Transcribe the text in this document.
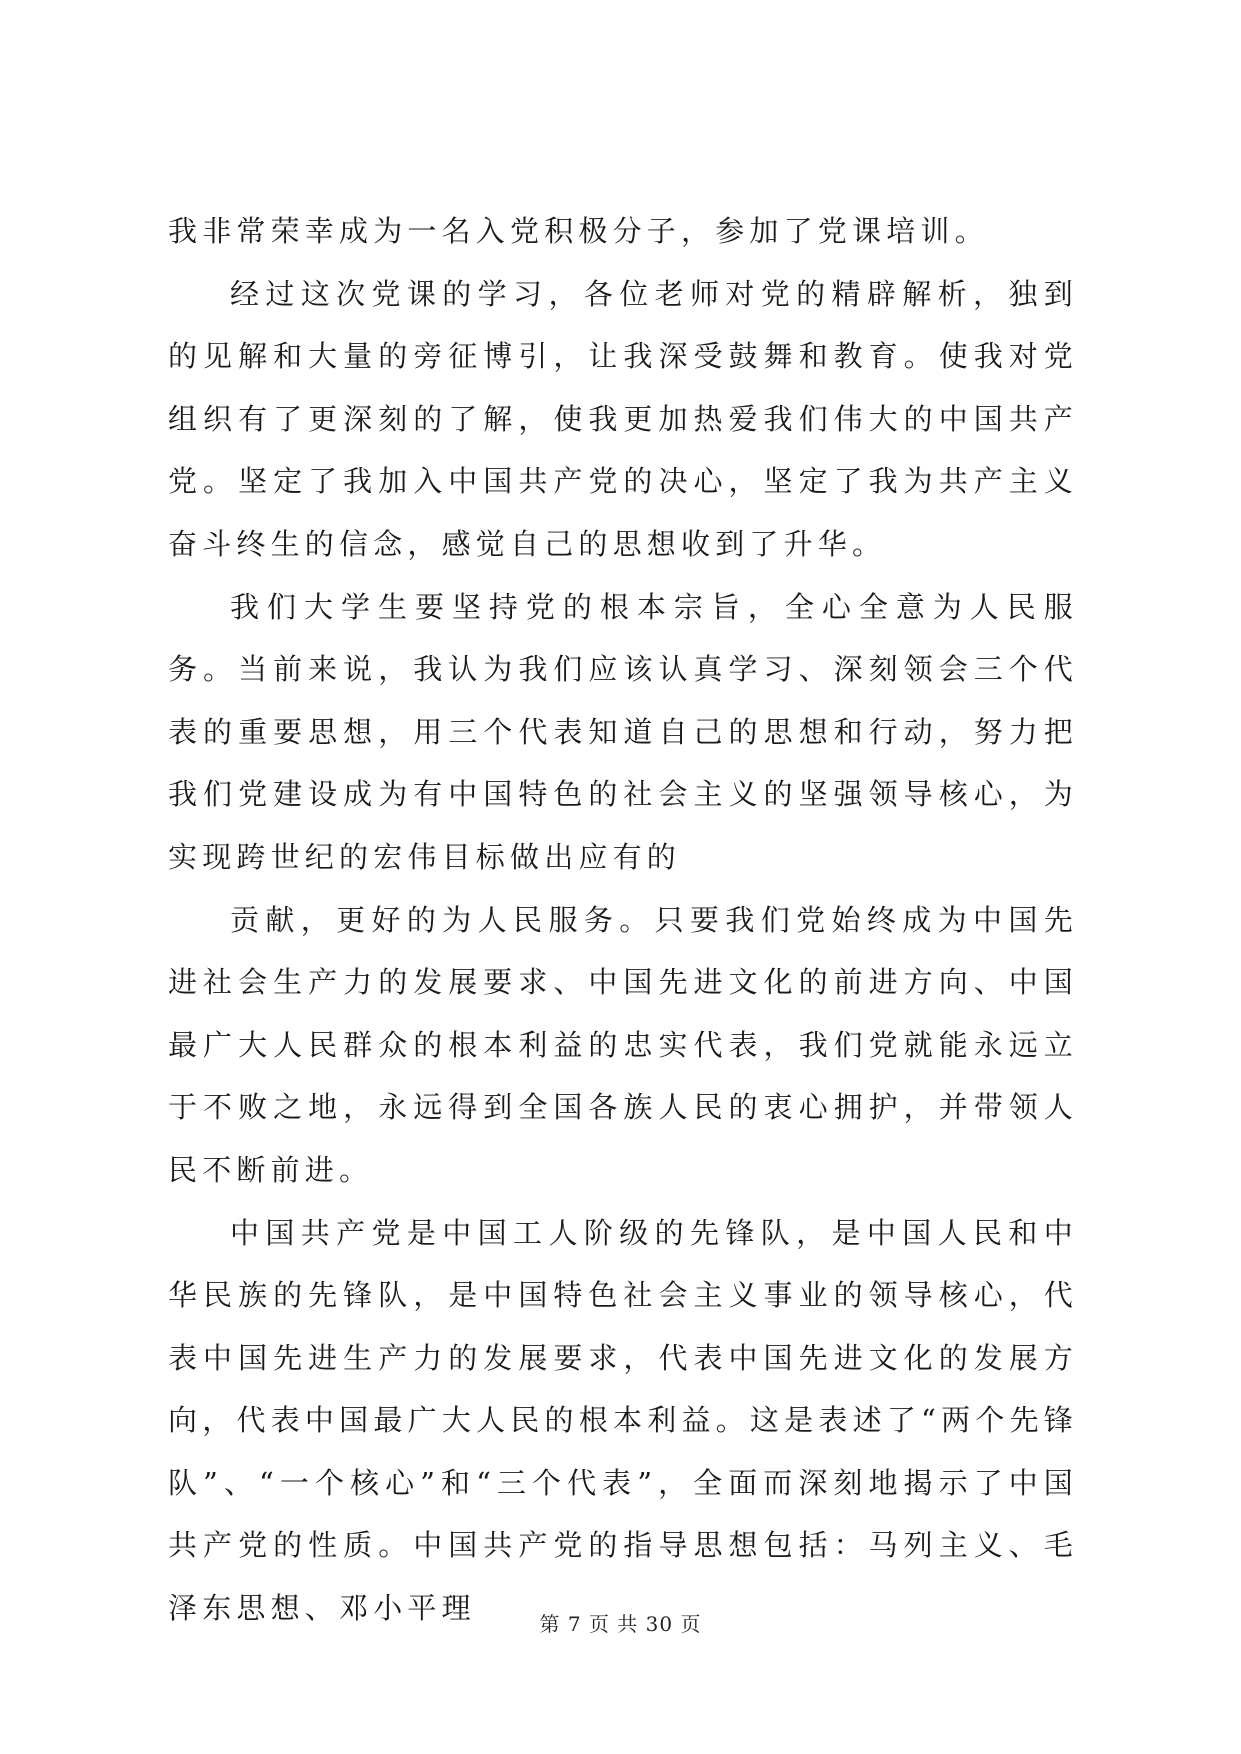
我非常荣幸成为一名入党积极分子，参加了党课培训。

经过这次党课的学习，各位老师对党的精辟解析，独到的见解和大量的旁征博引，让我深受鼓舞和教育。使我对党组织有了更深刻的了解，使我更加热爱我们伟大的中国共产党。坚定了我加入中国共产党的决心，坚定了我为共产主义奋斗终生的信念，感觉自己的思想收到了升华。

我们大学生要坚持党的根本宗旨，全心全意为人民服务。当前来说，我认为我们应该认真学习、深刻领会三个代表的重要思想，用三个代表知道自己的思想和行动，努力把我们党建设成为有中国特色的社会主义的坚强领导核心，为实现跨世纪的宏伟目标做出应有的

贡献，更好的为人民服务。只要我们党始终成为中国先进社会生产力的发展要求、中国先进文化的前进方向、中国最广大人民群众的根本利益的忠实代表，我们党就能永远立于不败之地，永远得到全国各族人民的衷心拥护，并带领人民不断前进。

中国共产党是中国工人阶级的先锋队，是中国人民和中华民族的先锋队，是中国特色社会主义事业的领导核心，代表中国先进生产力的发展要求，代表中国先进文化的发展方向，代表中国最广大人民的根本利益。这是表述了“两个先锋队”、“一个核心”和“三个代表”，全面而深刻地揭示了中国共产党的性质。中国共产党的指导思想包括：马列主义、毛泽东思想、邓小平理	第 7 页 共 30 页
